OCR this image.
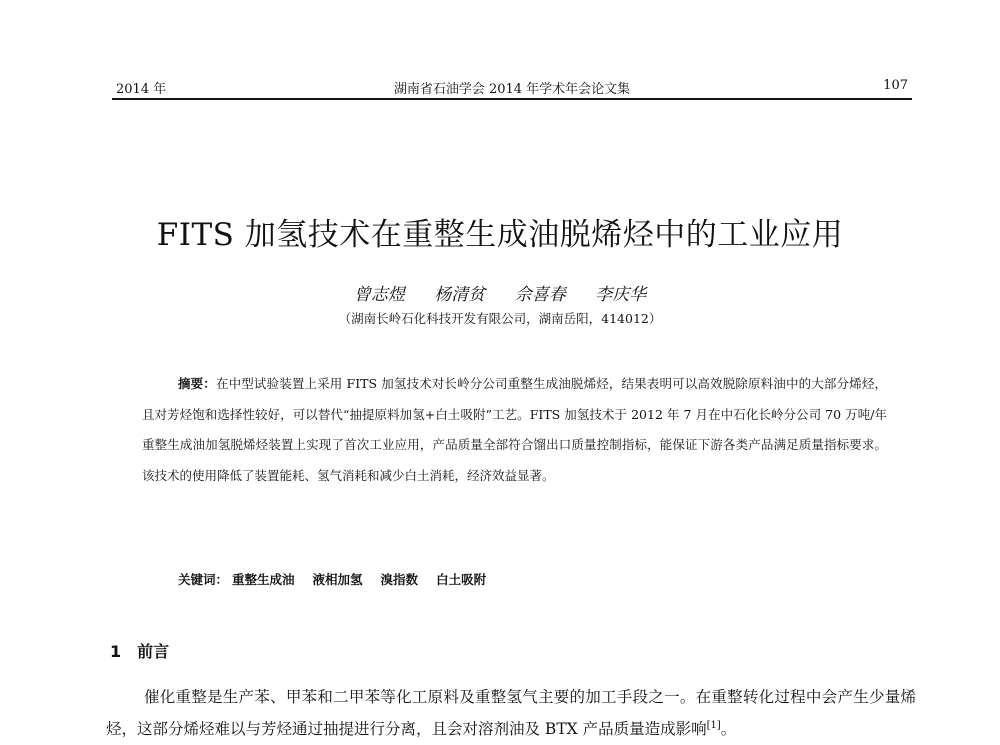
2014 年	湖南省石油学会 2014 年学术年会论文集	107
FITS 加氢技术在重整生成油脱烯烃中的工业应用
曾志煜 杨清贫 佘喜春 李庆华
（湖南长岭石化科技开发有限公司，湖南岳阳，414012）

摘要：在中型试验装置上采用 FITS 加氢技术对长岭分公司重整生成油脱烯烃，结果表明可以高效脱除原料油中的大部分烯烃，且对芳烃饱和选择性较好，可以替代“抽提原料加氢+白土吸附”工艺。FITS 加氢技术于 2012 年 7 月在中石化长岭分公司 70 万吨/年重整生成油加氢脱烯烃装置上实现了首次工业应用，产品质量全部符合馏出口质量控制指标，能保证下游各类产品满足质量指标要求。该技术的使用降低了装置能耗、氢气消耗和减少白土消耗，经济效益显著。

关键词： 重整生成油 液相加氢 溴指数 白土吸附
1 前言

催化重整是生产苯、甲苯和二甲苯等化工原料及重整氢气主要的加工手段之一。在重整转化过程中会产生少量烯烃，这部分烯烃难以与芳烃通过抽提进行分离，且会对溶剂油及 BTX 产品质量造成影响[1]。
